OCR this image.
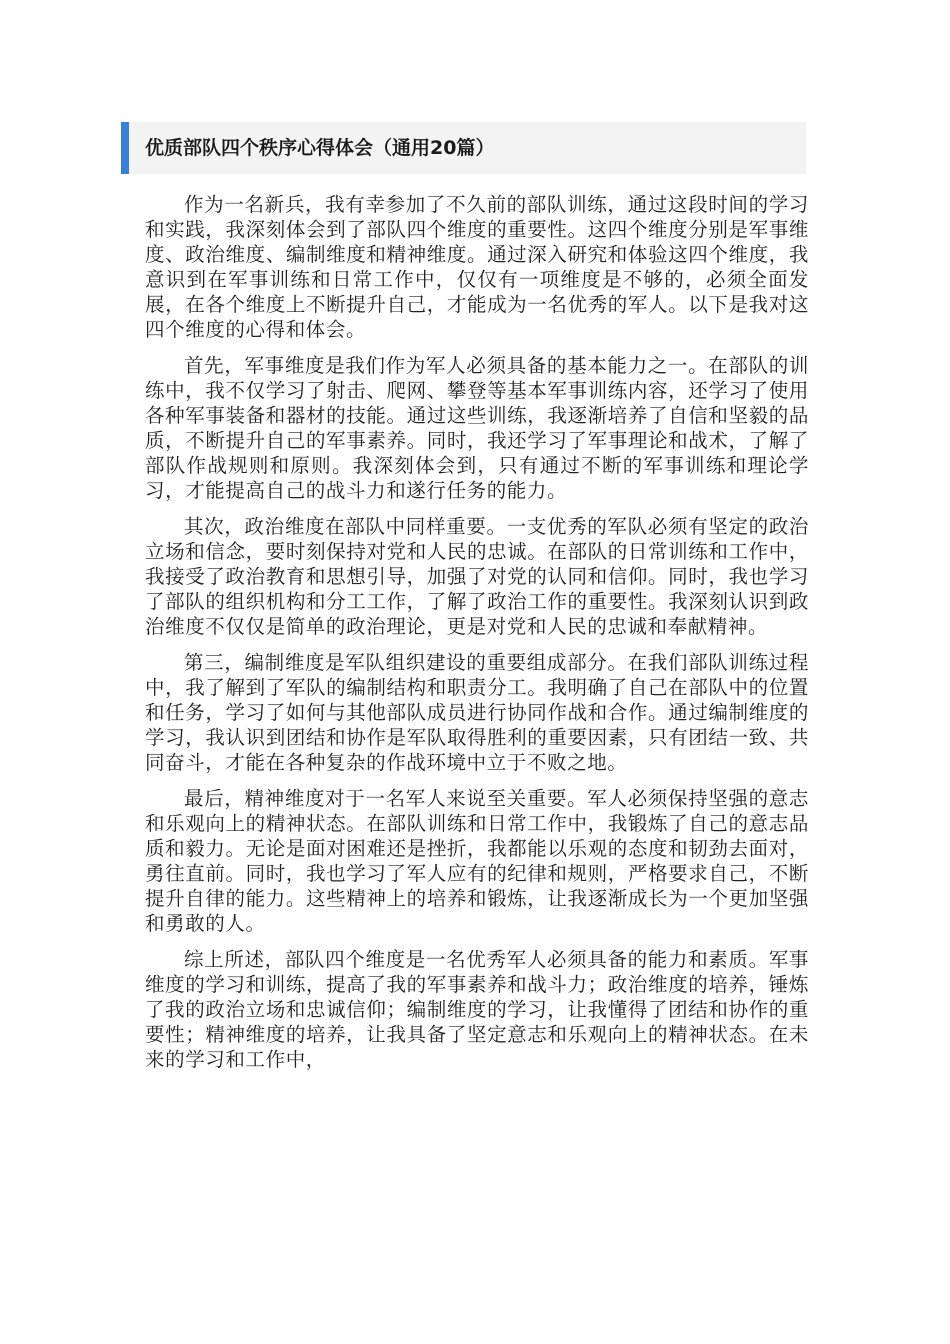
优质部队四个秩序心得体会（通用20篇）

作为一名新兵，我有幸参加了不久前的部队训练，通过这段时间的学习和实践，我深刻体会到了部队四个维度的重要性。这四个维度分别是军事维度、政治维度、编制维度和精神维度。通过深入研究和体验这四个维度，我意识到在军事训练和日常工作中，仅仅有一项维度是不够的，必须全面发展，在各个维度上不断提升自己，才能成为一名优秀的军人。以下是我对这四个维度的心得和体会。

首先，军事维度是我们作为军人必须具备的基本能力之一。在部队的训练中，我不仅学习了射击、爬网、攀登等基本军事训练内容，还学习了使用各种军事装备和器材的技能。通过这些训练，我逐渐培养了自信和坚毅的品质，不断提升自己的军事素养。同时，我还学习了军事理论和战术，了解了部队作战规则和原则。我深刻体会到，只有通过不断的军事训练和理论学习，才能提高自己的战斗力和遂行任务的能力。

其次，政治维度在部队中同样重要。一支优秀的军队必须有坚定的政治立场和信念，要时刻保持对党和人民的忠诚。在部队的日常训练和工作中，我接受了政治教育和思想引导，加强了对党的认同和信仰。同时，我也学习了部队的组织机构和分工工作，了解了政治工作的重要性。我深刻认识到政治维度不仅仅是简单的政治理论，更是对党和人民的忠诚和奉献精神。

第三，编制维度是军队组织建设的重要组成部分。在我们部队训练过程中，我了解到了军队的编制结构和职责分工。我明确了自己在部队中的位置和任务，学习了如何与其他部队成员进行协同作战和合作。通过编制维度的学习，我认识到团结和协作是军队取得胜利的重要因素，只有团结一致、共同奋斗，才能在各种复杂的作战环境中立于不败之地。

最后，精神维度对于一名军人来说至关重要。军人必须保持坚强的意志和乐观向上的精神状态。在部队训练和日常工作中，我锻炼了自己的意志品质和毅力。无论是面对困难还是挫折，我都能以乐观的态度和韧劲去面对，勇往直前。同时，我也学习了军人应有的纪律和规则，严格要求自己，不断提升自律的能力。这些精神上的培养和锻炼，让我逐渐成长为一个更加坚强和勇敢的人。

综上所述，部队四个维度是一名优秀军人必须具备的能力和素质。军事维度的学习和训练，提高了我的军事素养和战斗力；政治维度的培养，锤炼了我的政治立场和忠诚信仰；编制维度的学习，让我懂得了团结和协作的重要性；精神维度的培养，让我具备了坚定意志和乐观向上的精神状态。在未来的学习和工作中，
